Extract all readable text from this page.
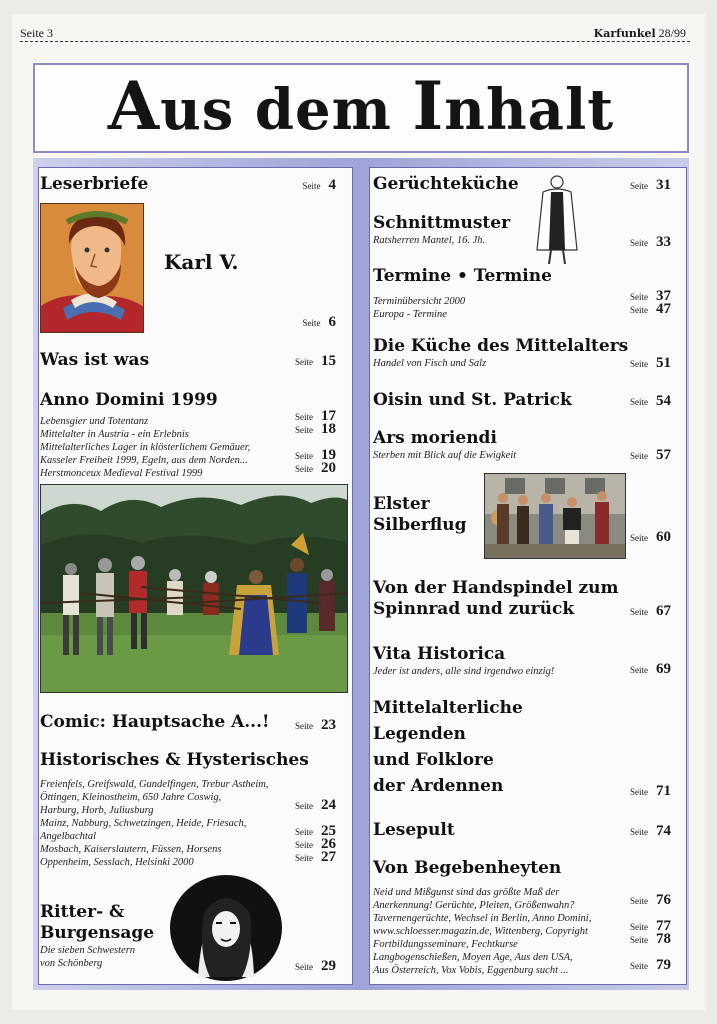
Seite 3	Karfunkel 28/99
Aus dem Inhalt
Leserbriefe	Seite 4
Karl V.
Seite 6
Was ist was	Seite 15
Anno Domini 1999
Lebensgier und Totentanz	Seite 17
Mittelalter in Austria - ein Erlebnis	Seite 18
Mittelalterliches Lager in klösterlichem Gemäuer,
Kasseler Freiheit 1999, Egeln, aus dem Norden...	Seite 19
Herstmonceux Medieval Festival 1999	Seite 20
Comic: Hauptsache A...!	Seite 23
Historisches & Hysterisches
Freienfels, Greifswald, Gundelfingen, Trebur Astheim,
Öttingen, Kleinostheim, 650 Jahre Coswig,
Harburg, Horb, Juliusburg	Seite 24
Mainz, Nabburg, Schwetzingen, Heide, Friesach,
Angelbachtal	Seite 25
Mosbach, Kaiserslautern, Füssen, Horsens	Seite 26
Oppenheim, Sesslach, Helsinki 2000	Seite 27
Ritter- &
Burgensage
Die sieben Schwestern
von Schönberg	Seite 29
Gerüchteküche	Seite 31
Schnittmuster
Ratsherren Mantel, 16. Jh.	Seite 33
Termine • Termine
Terminübersicht 2000	Seite 37
Europa - Termine	Seite 47
Die Küche des Mittelalters
Handel von Fisch und Salz	Seite 51
Oisin und St. Patrick	Seite 54
Ars moriendi
Sterben mit Blick auf die Ewigkeit	Seite 57
Elster
Silberflug
Seite 60
Von der Handspindel zum
Spinnrad und zurück	Seite 67
Vita Historica
Jeder ist anders, alle sind irgendwo einzig!	Seite 69
Mittelalterliche
Legenden
und Folklore
der Ardennen	Seite 71
Lesepult	Seite 74
Von Begebenheyten
Neid und Mißgunst sind das größte Maß der
Anerkennung! Gerüchte, Pleiten, Größenwahn?	Seite 76
Tavernengerüchte, Wechsel in Berlin, Anno Domini,
www.schloesser.magazin.de, Wittenberg, Copyright	Seite 77
Fortbildungsseminare, Fechtkurse	Seite 78
Langbogenschießen, Moyen Age, Aus den USA,
Aus Österreich, Vox Vobis, Eggenburg sucht ...	Seite 79
